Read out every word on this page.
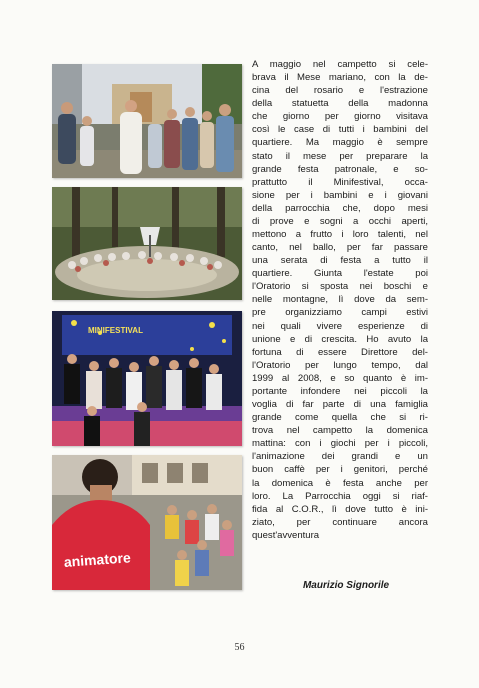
MINIFESTIVAL
animatore
A maggio nel campetto si cele-
brava il Mese mariano, con la de-
cina del rosario e l'estrazione
della statuetta della madonna
che giorno per giorno visitava
così le case di tutti i bambini del
quartiere. Ma maggio è sempre
stato il mese per preparare la
grande festa patronale, e so-
prattutto il Minifestival, occa-
sione per i bambini e i giovani
della parrocchia che, dopo mesi
di prove e sogni a occhi aperti,
mettono a frutto i loro talenti, nel
canto, nel ballo, per far passare
una serata di festa a tutto il
quartiere. Giunta l'estate poi
l'Oratorio si sposta nei boschi e
nelle montagne, lì dove da sem-
pre organizziamo campi estivi
nei quali vivere esperienze di
unione e di crescita. Ho avuto la
fortuna di essere Direttore del-
l'Oratorio per lungo tempo, dal
1999 al 2008, e so quanto è im-
portante infondere nei piccoli la
voglia di far parte di una famiglia
grande come quella che si ri-
trova nel campetto la domenica
mattina: con i giochi per i piccoli,
l'animazione dei grandi e un
buon caffè per i genitori, perché
la domenica è festa anche per
loro. La Parrocchia oggi si riaf-
fida al C.O.R., lì dove tutto è ini-
ziato, per continuare ancora
quest'avventura
Maurizio Signorile
56
